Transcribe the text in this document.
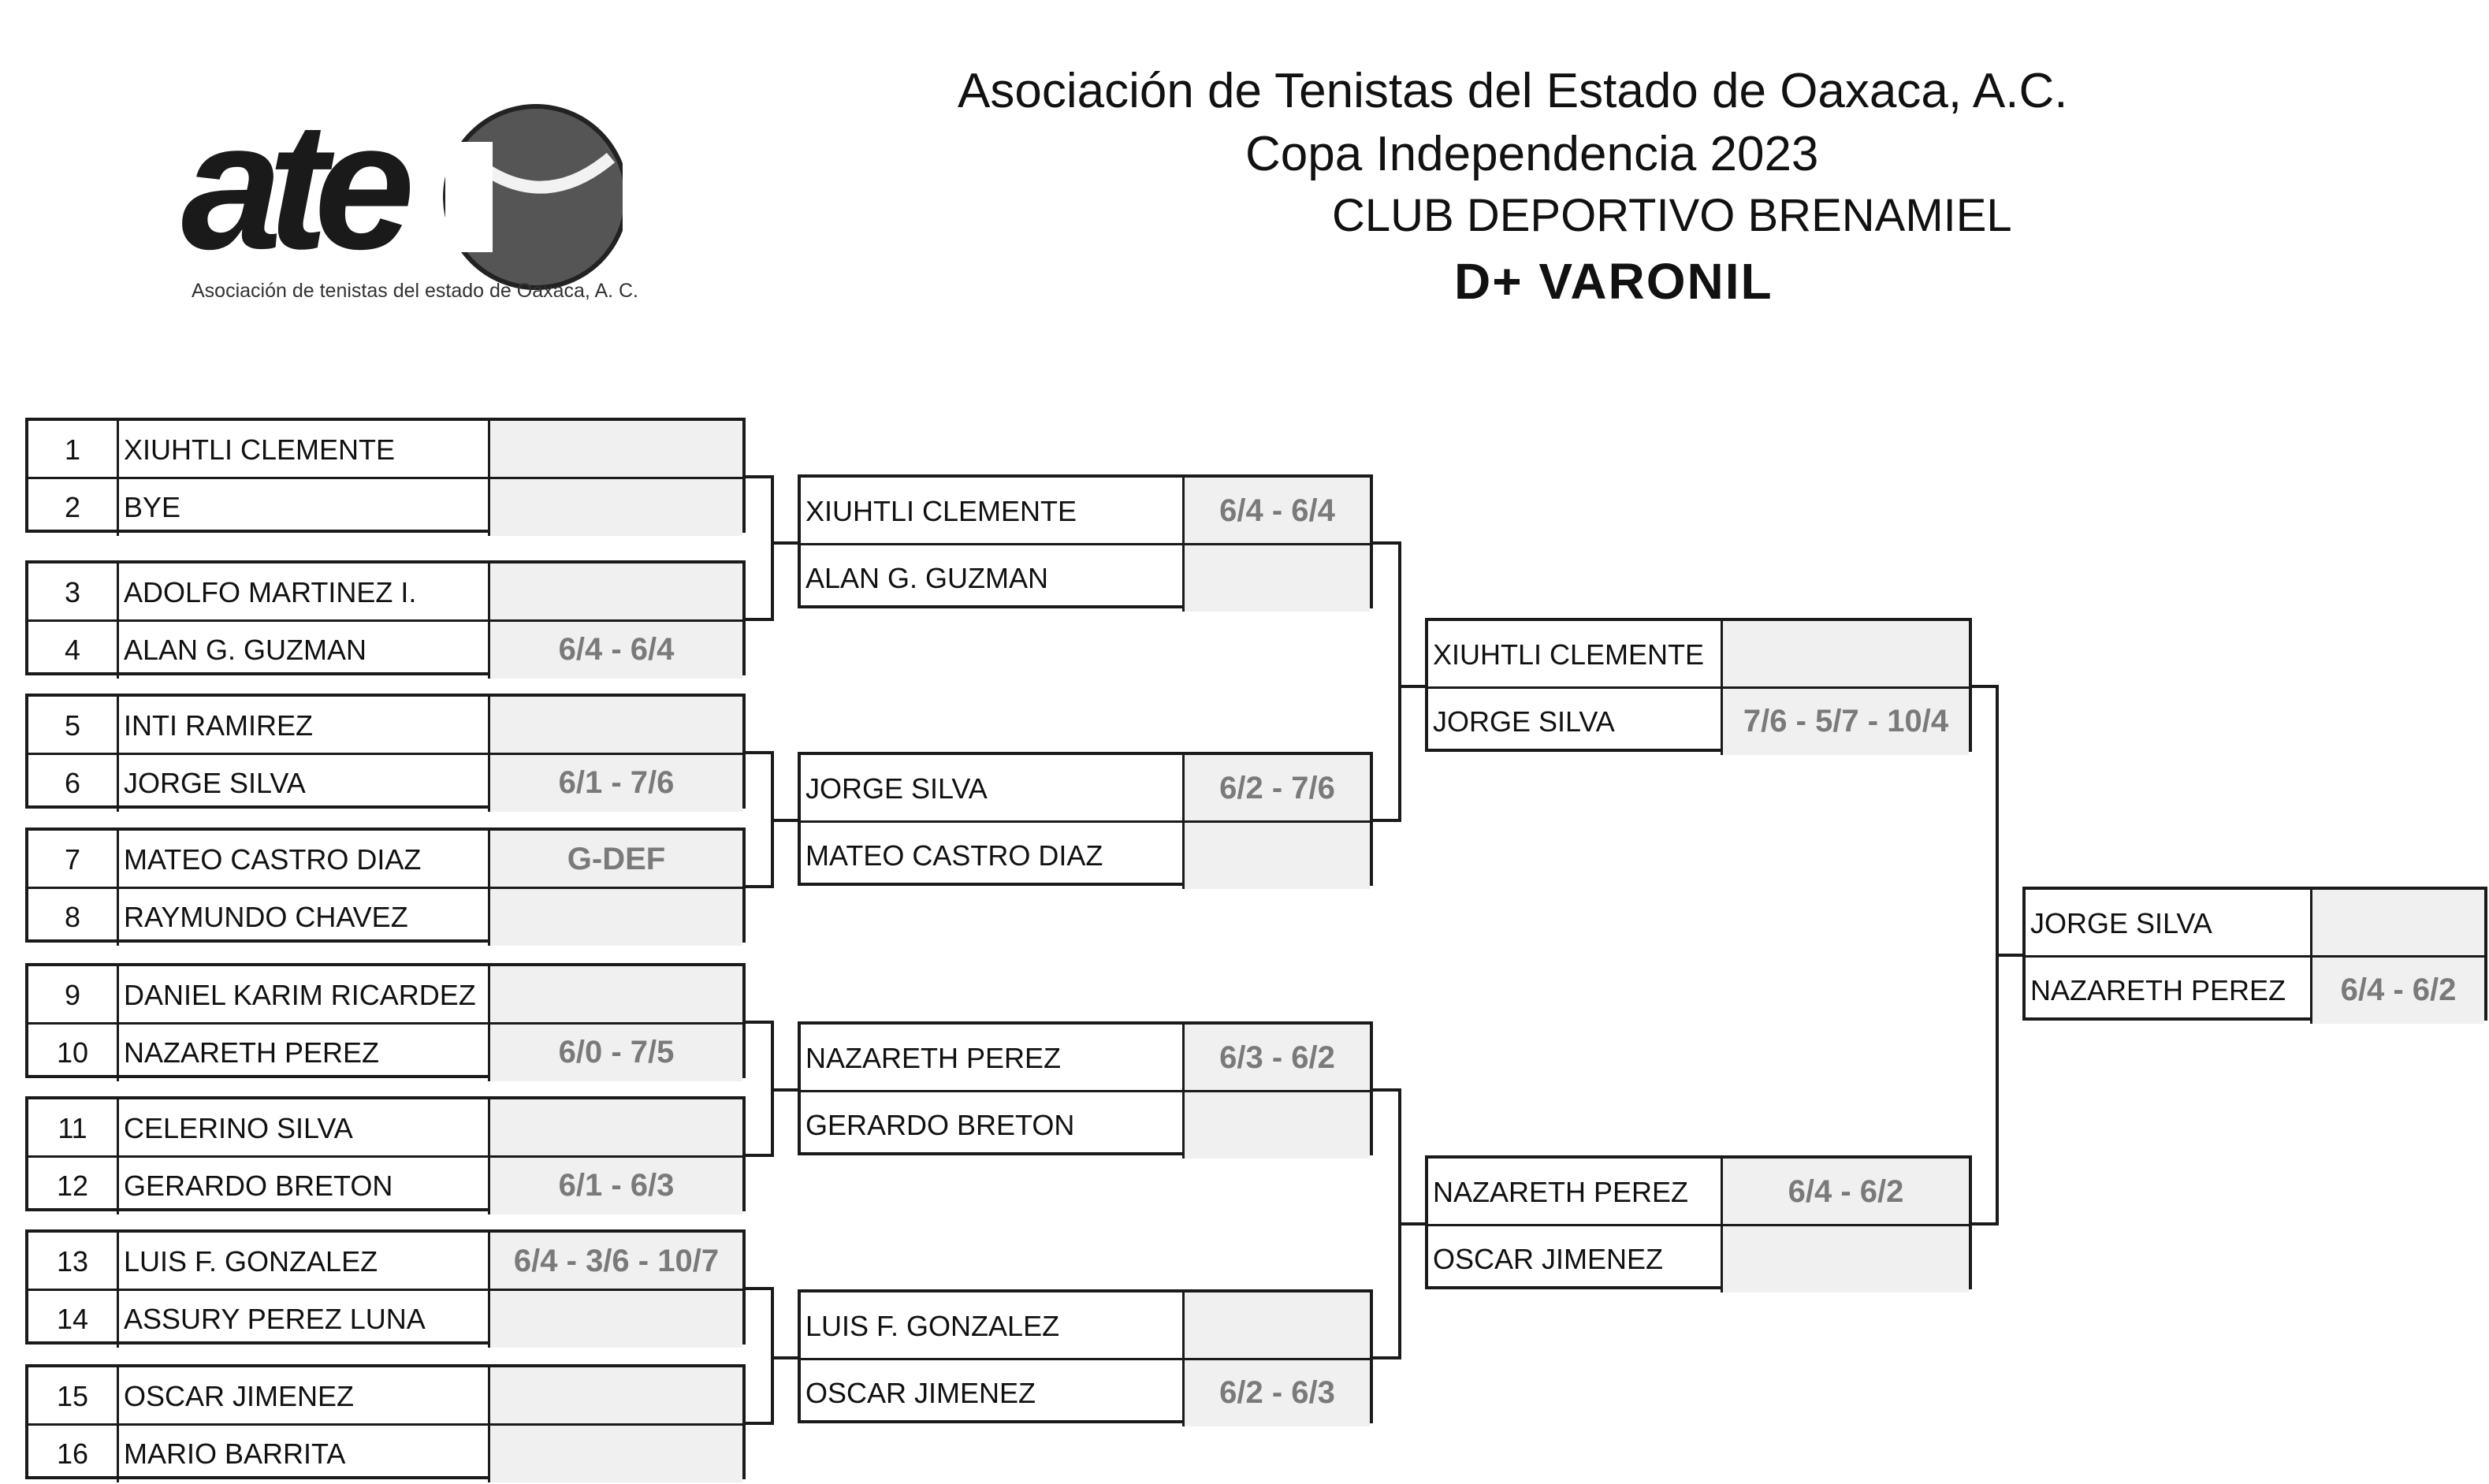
Asociación de Tenistas del Estado de Oaxaca, A.C.
Copa Independencia 2023
CLUB DEPORTIVO BRENAMIEL
D+ VARONIL
ate
Asociación de tenistas del estado de Oaxaca, A. C.
1	XIUHTLI CLEMENTE
2	BYE
3	ADOLFO MARTINEZ I.
4	ALAN G. GUZMAN	6/4 - 6/4
5	INTI RAMIREZ
6	JORGE SILVA	6/1 - 7/6
7	MATEO CASTRO DIAZ	G-DEF
8	RAYMUNDO CHAVEZ
9	DANIEL KARIM RICARDEZ
10	NAZARETH PEREZ	6/0 - 7/5
11	CELERINO SILVA
12	GERARDO BRETON	6/1 - 6/3
13	LUIS F. GONZALEZ	6/4 - 3/6 - 10/7
14	ASSURY PEREZ LUNA
15	OSCAR JIMENEZ
16	MARIO BARRITA
XIUHTLI CLEMENTE	6/4 - 6/4
ALAN G. GUZMAN
JORGE SILVA	6/2 - 7/6
MATEO CASTRO DIAZ
NAZARETH PEREZ	6/3 - 6/2
GERARDO BRETON
LUIS F. GONZALEZ
OSCAR JIMENEZ	6/2 - 6/3
XIUHTLI CLEMENTE
JORGE SILVA	7/6 - 5/7 - 10/4
NAZARETH PEREZ	6/4 - 6/2
OSCAR JIMENEZ
JORGE SILVA
NAZARETH PEREZ	6/4 - 6/2
